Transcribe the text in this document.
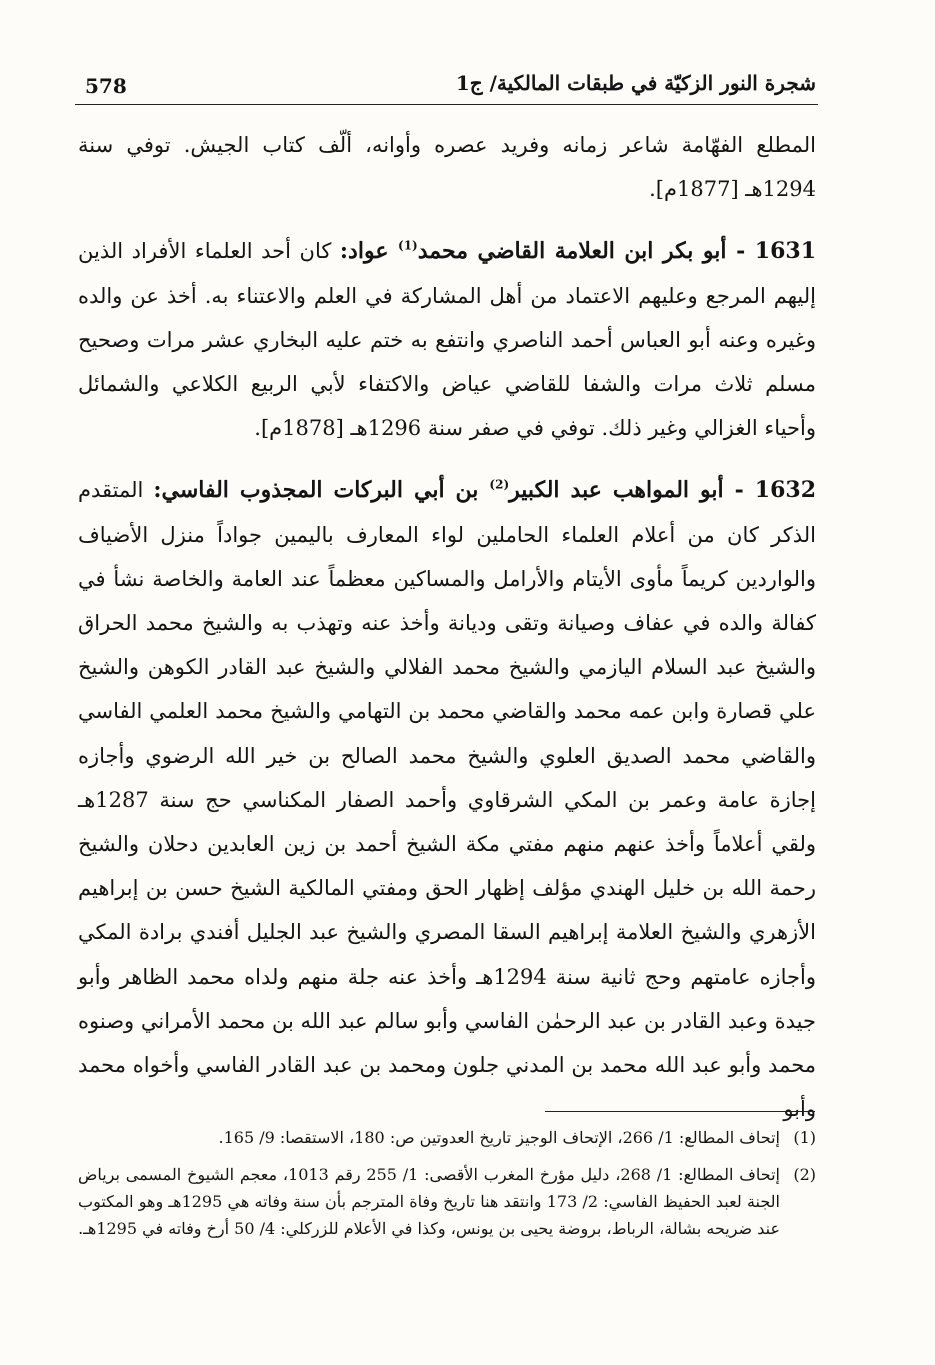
578	شجرة النور الزكيّة في طبقات المالكية/ ج1

المطلع الفهّامة شاعر زمانه وفريد عصره وأوانه، ألّف كتاب الجيش. توفي سنة 1294هـ [1877م].

1631 - أبو بكر ابن العلامة القاضي محمد$^{(1)}$ عواد: كان أحد العلماء الأفراد الذين إليهم المرجع وعليهم الاعتماد من أهل المشاركة في العلم والاعتناء به. أخذ عن والده وغيره وعنه أبو العباس أحمد الناصري وانتفع به ختم عليه البخاري عشر مرات وصحيح مسلم ثلاث مرات والشفا للقاضي عياض والاكتفاء لأبي الربيع الكلاعي والشمائل وأحياء الغزالي وغير ذلك. توفي في صفر سنة 1296هـ [1878م].

1632 - أبو المواهب عبد الكبير$^{(2)}$ بن أبي البركات المجذوب الفاسي: المتقدم الذكر كان من أعلام العلماء الحاملين لواء المعارف باليمين جواداً منزل الأضياف والواردين كريماً مأوى الأيتام والأرامل والمساكين معظماً عند العامة والخاصة نشأ في كفالة والده في عفاف وصيانة وتقى وديانة وأخذ عنه وتهذب به والشيخ محمد الحراق والشيخ عبد السلام اليازمي والشيخ محمد الفلالي والشيخ عبد القادر الكوهن والشيخ علي قصارة وابن عمه محمد والقاضي محمد بن التهامي والشيخ محمد العلمي الفاسي والقاضي محمد الصديق العلوي والشيخ محمد الصالح بن خير الله الرضوي وأجازه إجازة عامة وعمر بن المكي الشرقاوي وأحمد الصفار المكناسي حج سنة 1287هـ ولقي أعلاماً وأخذ عنهم منهم مفتي مكة الشيخ أحمد بن زين العابدين دحلان والشيخ رحمة الله بن خليل الهندي مؤلف إظهار الحق ومفتي المالكية الشيخ حسن بن إبراهيم الأزهري والشيخ العلامة إبراهيم السقا المصري والشيخ عبد الجليل أفندي برادة المكي وأجازه عامتهم وحج ثانية سنة 1294هـ وأخذ عنه جلة منهم ولداه محمد الظاهر وأبو جيدة وعبد القادر بن عبد الرحمٰن الفاسي وأبو سالم عبد الله بن محمد الأمراني وصنوه محمد وأبو عبد الله محمد بن المدني جلون ومحمد بن عبد القادر الفاسي وأخواه محمد وأبو

(1)
إتحاف المطالع: 1/ 266، الإتحاف الوجيز تاريخ العدوتين ص: 180، الاستقصا: 9/ 165.
(2)
إتحاف المطالع: 1/ 268، دليل مؤرخ المغرب الأقصى: 1/ 255 رقم 1013، معجم الشيوخ المسمى برياض الجنة لعبد الحفيظ الفاسي: 2/ 173 وانتقد هنا تاريخ وفاة المترجم بأن سنة وفاته هي 1295هـ وهو المكتوب عند ضريحه بشالة، الرباط، بروضة يحيى بن يونس، وكذا في الأعلام للزركلي: 4/ 50 أرخ وفاته في 1295هـ.
